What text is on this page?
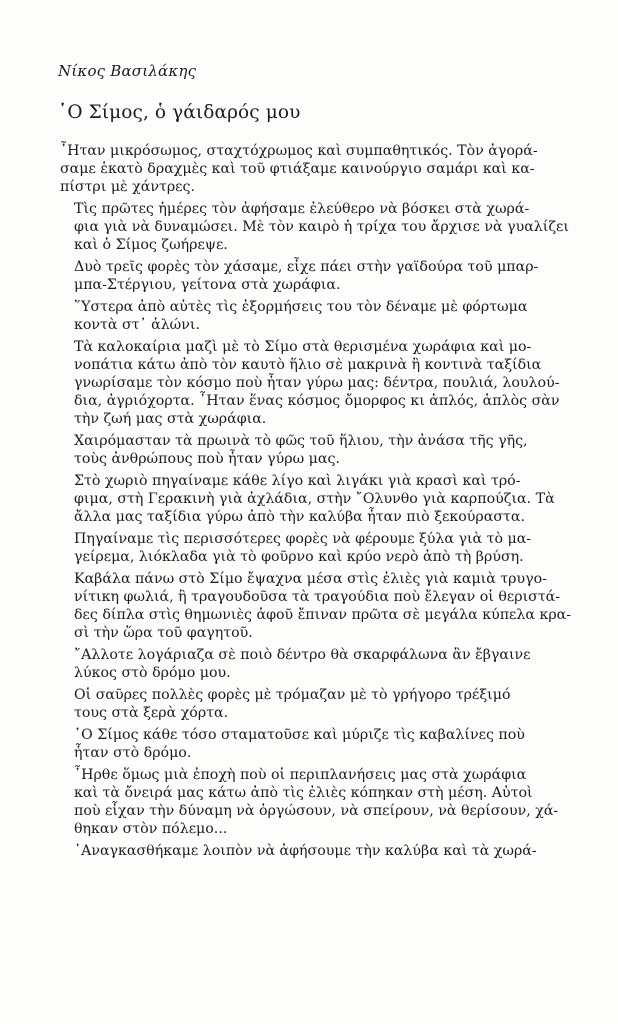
Νίκος Βασιλάκης
῾Ο Σίμος, ὁ γάιδαρός μου

῏Ηταν μικρόσωμος, σταχτόχρωμος καὶ συμπαθητικός. Τὸν ἀγορά-
σαμε ἑκατὸ δραχμὲς καὶ τοῦ φτιάξαμε καινούργιο σαμάρι καὶ κα-
πίστρι μὲ χάντρες.

Τὶς πρῶτες ἡμέρες τὸν ἀφήσαμε ἐλεύθερο νὰ βόσκει στὰ χωρά-
φια γιὰ νὰ δυναμώσει. Μὲ τὸν καιρὸ ἡ τρίχα του ἄρχισε νὰ γυαλίζει
καὶ ὁ Σίμος ζωήρεψε.

Δυὸ τρεῖς φορὲς τὸν χάσαμε, εἶχε πάει στὴν γαϊδούρα τοῦ μπαρ-
μπα-Στέργιου, γείτονα στὰ χωράφια.

῞Υστερα ἀπὸ αὐτὲς τὶς ἐξορμήσεις του τὸν δέναμε μὲ φόρτωμα
κοντὰ στ᾽ ἁλώνι.

Τὰ καλοκαίρια μαζὶ μὲ τὸ Σίμο στὰ θερισμένα χωράφια καὶ μο-
νοπάτια κάτω ἀπὸ τὸν καυτὸ ἥλιο σὲ μακρινὰ ἢ κοντινὰ ταξίδια
γνωρίσαμε τὸν κόσμο ποὺ ἦταν γύρω μας: δέντρα, πουλιά, λουλού-
δια, ἀγριόχορτα. ῏Ηταν ἕνας κόσμος ὄμορφος κι ἁπλός, ἁπλὸς σὰν
τὴν ζωή μας στὰ χωράφια.

Χαιρόμασταν τὰ πρωινὰ τὸ φῶς τοῦ ἥλιου, τὴν ἀνάσα τῆς γῆς,
τοὺς ἀνθρώπους ποὺ ἦταν γύρω μας.

Στὸ χωριὸ πηγαίναμε κάθε λίγο καὶ λιγάκι γιὰ κρασὶ καὶ τρό-
φιμα, στὴ Γερακινὴ γιὰ ἀχλάδια, στὴν ῎Ολυνθο γιὰ καρπούζια. Τὰ
ἄλλα μας ταξίδια γύρω ἀπὸ τὴν καλύβα ἦταν πιὸ ξεκούραστα.

Πηγαίναμε τὶς περισσότερες φορὲς νὰ φέρουμε ξύλα γιὰ τὸ μα-
γείρεμα, λιόκλαδα γιὰ τὸ φοῦρνο καὶ κρύο νερὸ ἀπὸ τὴ βρύση.

Καβάλα πάνω στὸ Σίμο ἔψαχνα μέσα στὶς ἐλιὲς γιὰ καμιὰ τρυγο-
νίτικη φωλιά, ἢ τραγουδοῦσα τὰ τραγούδια ποὺ ἔλεγαν οἱ θεριστά-
δες δίπλα στὶς θημωνιὲς ἀφοῦ ἔπιναν πρῶτα σὲ μεγάλα κύπελα κρα-
σὶ τὴν ὥρα τοῦ φαγητοῦ.

῎Αλλοτε λογάριαζα σὲ ποιὸ δέντρο θὰ σκαρφάλωνα ἂν ἔβγαινε
λύκος στὸ δρόμο μου.

Οἱ σαῦρες πολλὲς φορὲς μὲ τρόμαζαν μὲ τὸ γρήγορο τρέξιμό
τους στὰ ξερὰ χόρτα.

῾Ο Σίμος κάθε τόσο σταματοῦσε καὶ μύριζε τὶς καβαλίνες ποὺ
ἦταν στὸ δρόμο.

῏Ηρθε ὅμως μιὰ ἐποχὴ ποὺ οἱ περιπλανήσεις μας στὰ χωράφια
καὶ τὰ ὄνειρά μας κάτω ἀπὸ τὶς ἐλιὲς κόπηκαν στὴ μέση. Αὐτοὶ
ποὺ εἶχαν τὴν δύναμη νὰ ὀργώσουν, νὰ σπείρουν, νὰ θερίσουν, χά-
θηκαν στὸν πόλεμο...

᾽Αναγκασθήκαμε λοιπὸν νὰ ἀφήσουμε τὴν καλύβα καὶ τὰ χωρά-
